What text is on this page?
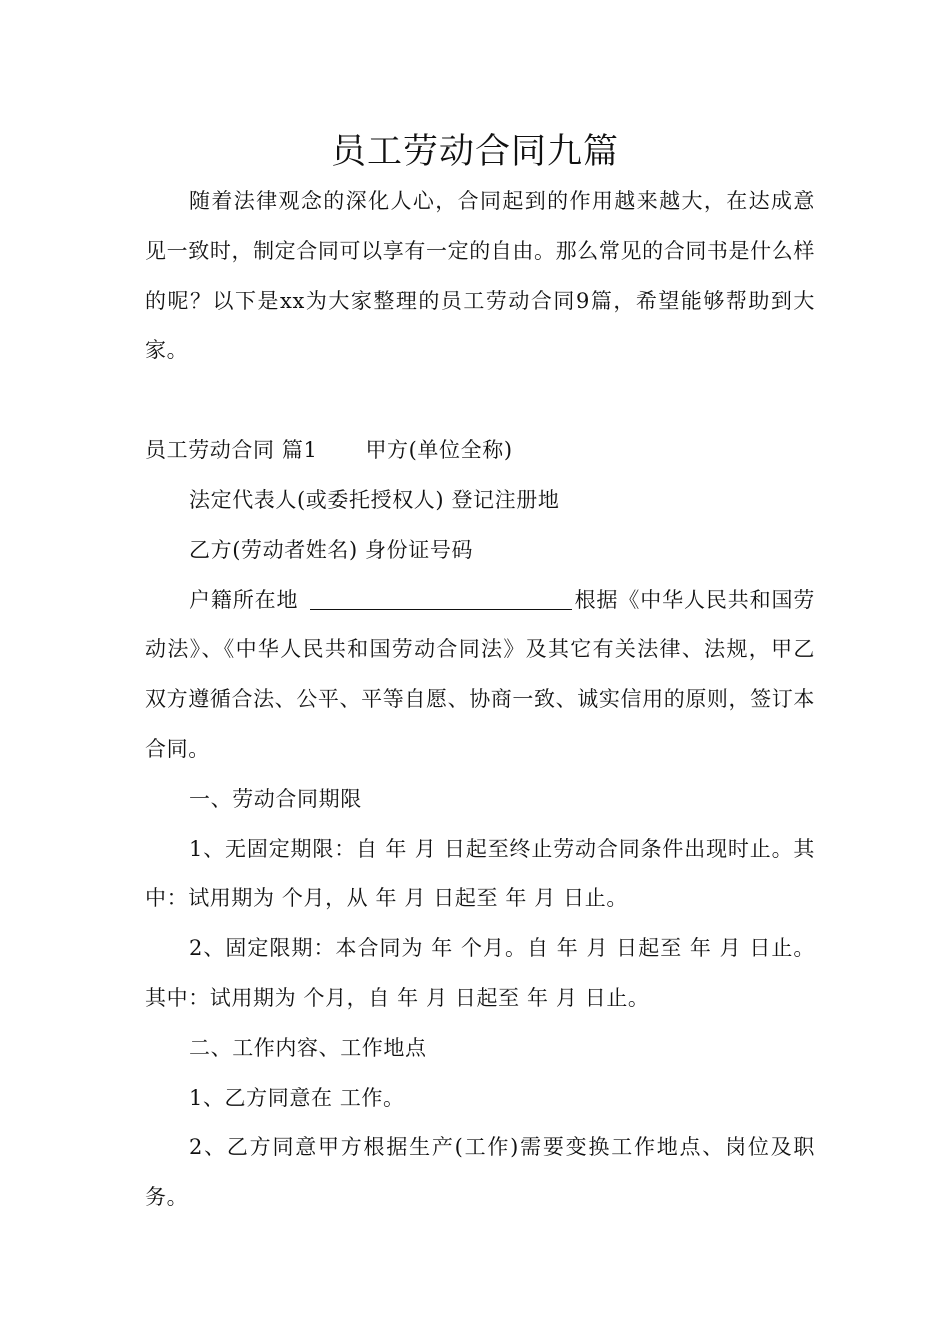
员工劳动合同九篇

随着法律观念的深化人心，合同起到的作用越来越大，在达成意见一致时，制定合同可以享有一定的自由。那么常见的合同书是什么样的呢？以下是xx为大家整理的员工劳动合同9篇，希望能够帮助到大家。

员工劳动合同 篇1 甲方(单位全称)

法定代表人(或委托授权人) 登记注册地

乙方(劳动者姓名) 身份证号码

户籍所在地	根据《中华人民共和国劳动法》、《中华人民共和国劳动合同法》及其它有关法律、法规，甲乙双方遵循合法、公平、平等自愿、协商一致、诚实信用的原则，签订本合同。

一、劳动合同期限

1、无固定期限：自 年 月 日起至终止劳动合同条件出现时止。其中：试用期为 个月，从 年 月 日起至 年 月 日止。

2、固定限期：本合同为 年 个月。自 年 月 日起至 年 月 日止。其中：试用期为 个月，自 年 月 日起至 年 月 日止。

二、工作内容、工作地点

1、乙方同意在 工作。

2、乙方同意甲方根据生产(工作)需要变换工作地点、岗位及职务。
